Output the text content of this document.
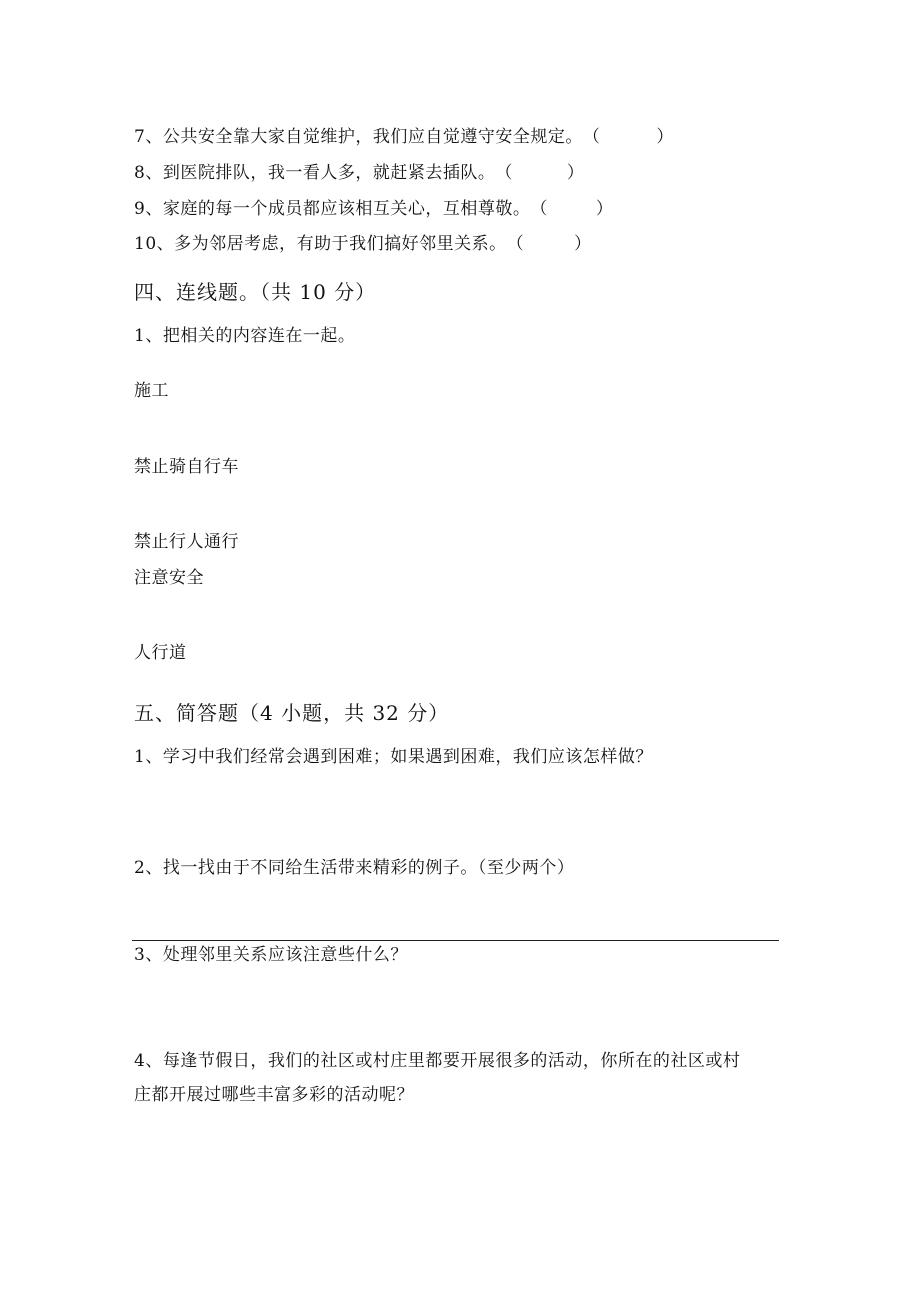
7、公共安全靠大家自觉维护，我们应自觉遵守安全规定。（	）
8、到医院排队，我一看人多，就赶紧去插队。（	）
9、家庭的每一个成员都应该相互关心，互相尊敬。（	）
10、多为邻居考虑，有助于我们搞好邻里关系。（	）
四、连线题。（共 10 分）
1、把相关的内容连在一起。
施工
禁止骑自行车
禁止行人通行
注意安全
人行道
五、简答题（4 小题，共 32 分）
1、学习中我们经常会遇到困难；如果遇到困难，我们应该怎样做？
2、找一找由于不同给生活带来精彩的例子。（至少两个）
3、处理邻里关系应该注意些什么？
4、每逢节假日，我们的社区或村庄里都要开展很多的活动，你所在的社区或村
庄都开展过哪些丰富多彩的活动呢？
